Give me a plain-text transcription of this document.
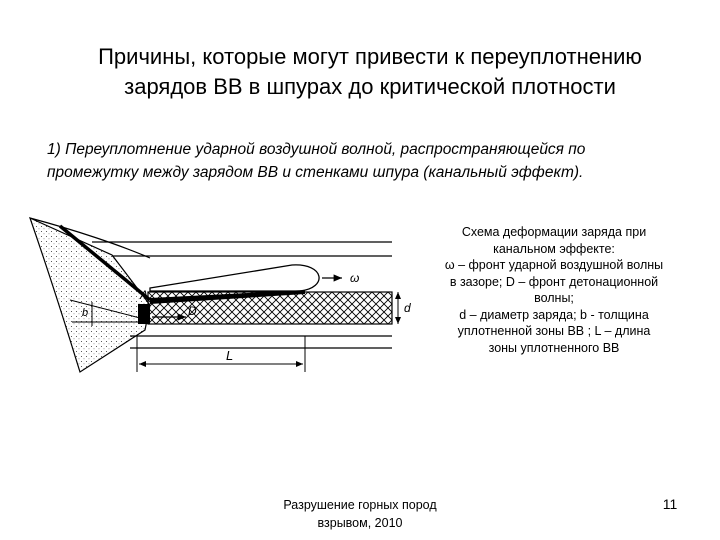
Причины, которые могут привести к переуплотнению
зарядов ВВ в шпурах до критической плотности
1) Переуплотнение ударной воздушной волной, распространяющейся по
промежутку между зарядом ВВ и стенками шпура (канальный эффект).
ω
D
A
b	d
L
Схема деформации заряда при
канальном эффекте:
ω – фронт ударной воздушной волны
в зазоре; D – фронт детонационной
волны;
d – диаметр заряда; b - толщина
уплотненной зоны ВВ ; L – длина
зоны уплотненного ВВ
Разрушение горных пород
взрывом, 2010
11
